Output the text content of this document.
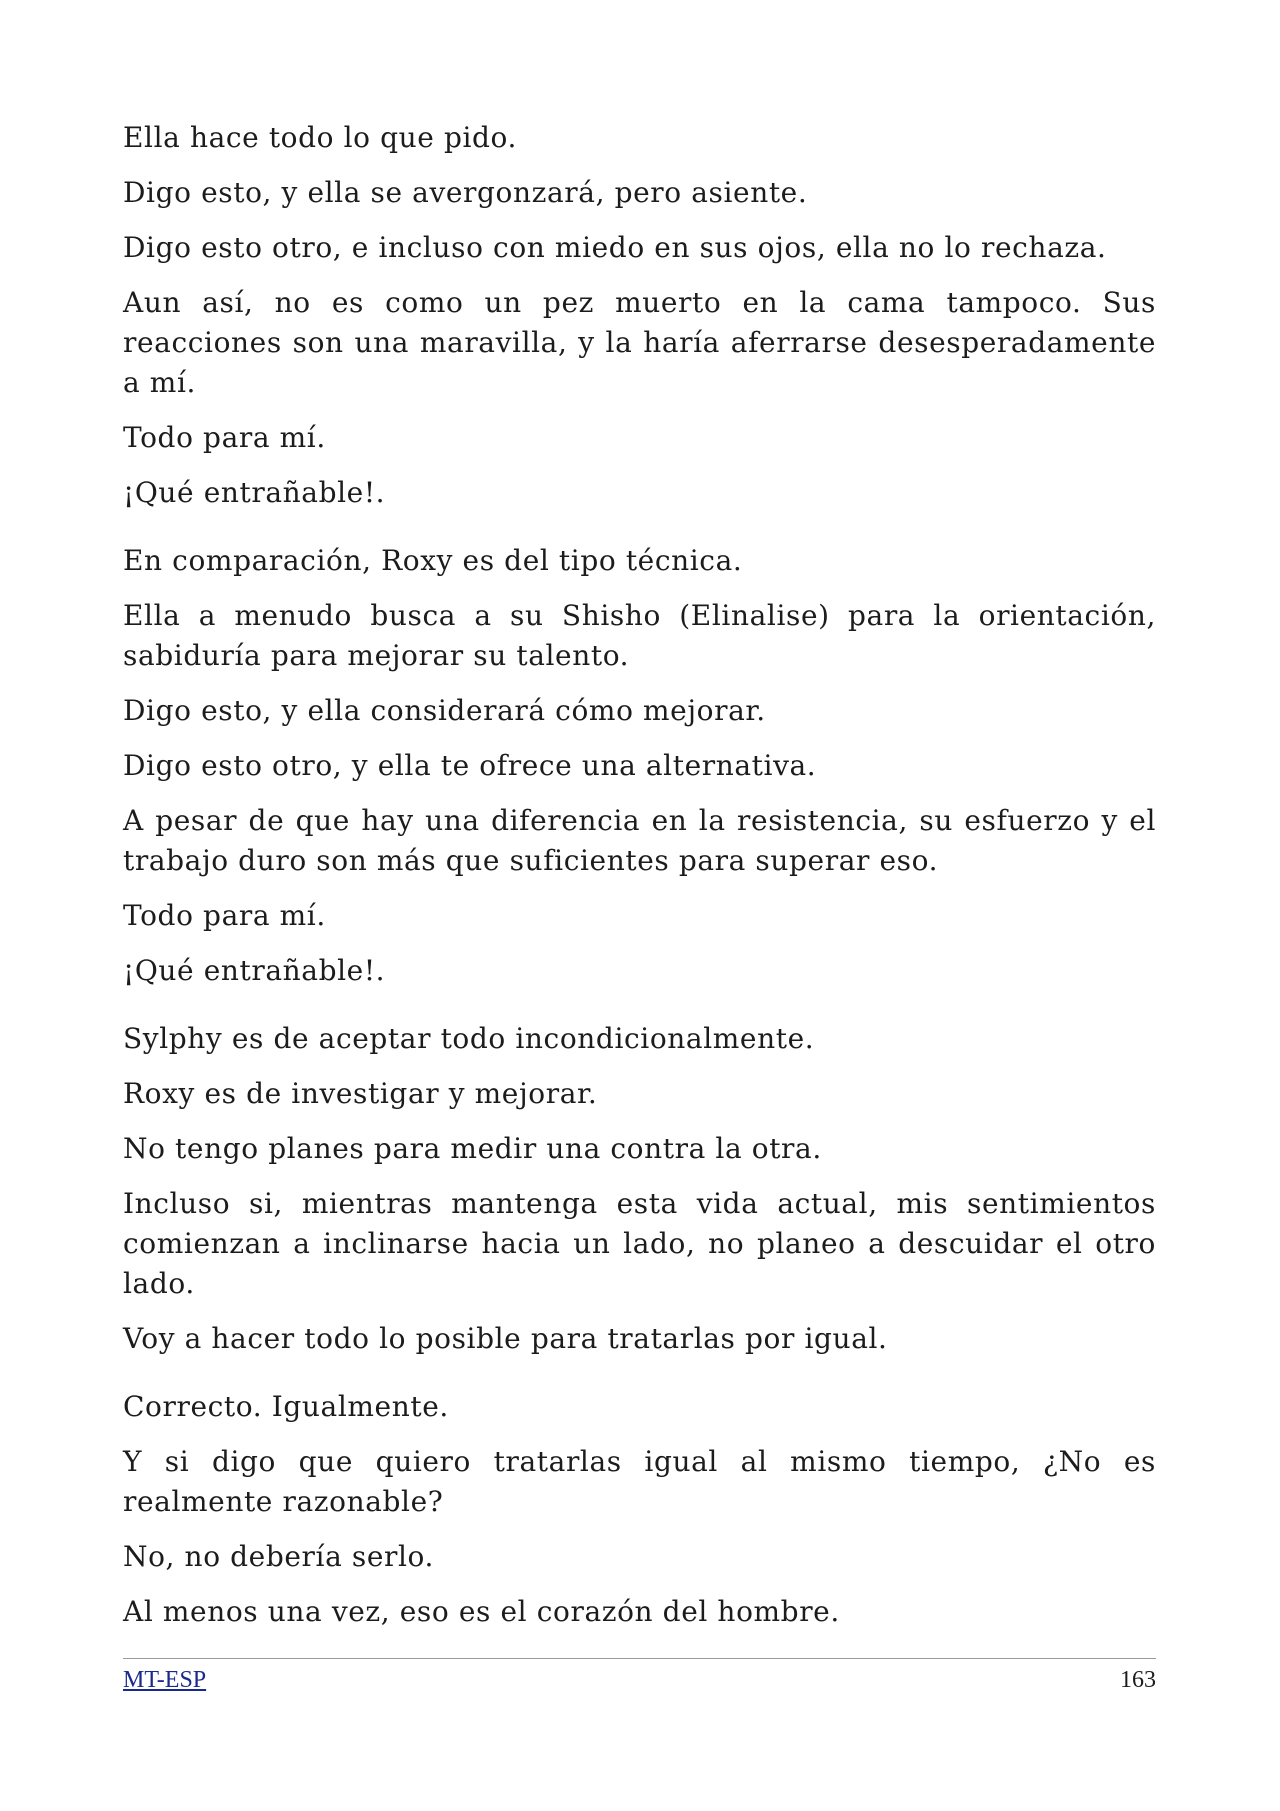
Ella hace todo lo que pido.

Digo esto, y ella se avergonzará, pero asiente.

Digo esto otro, e incluso con miedo en sus ojos, ella no lo rechaza.

Aun así, no es como un pez muerto en la cama tampoco. Sus reacciones son una maravilla, y la haría aferrarse desesperadamente a mí.

Todo para mí.

¡Qué entrañable!.

En comparación, Roxy es del tipo técnica.

Ella a menudo busca a su Shisho (Elinalise) para la orientación, sabiduría para mejorar su talento.

Digo esto, y ella considerará cómo mejorar.

Digo esto otro, y ella te ofrece una alternativa.

A pesar de que hay una diferencia en la resistencia, su esfuerzo y el trabajo duro son más que suficientes para superar eso.

Todo para mí.

¡Qué entrañable!.

Sylphy es de aceptar todo incondicionalmente.

Roxy es de investigar y mejorar.

No tengo planes para medir una contra la otra.

Incluso si, mientras mantenga esta vida actual, mis sentimientos comienzan a inclinarse hacia un lado, no planeo a descuidar el otro lado.

Voy a hacer todo lo posible para tratarlas por igual.

Correcto. Igualmente.

Y si digo que quiero tratarlas igual al mismo tiempo, ¿No es realmente razonable?

No, no debería serlo.

Al menos una vez, eso es el corazón del hombre.

MT-ESP	163
